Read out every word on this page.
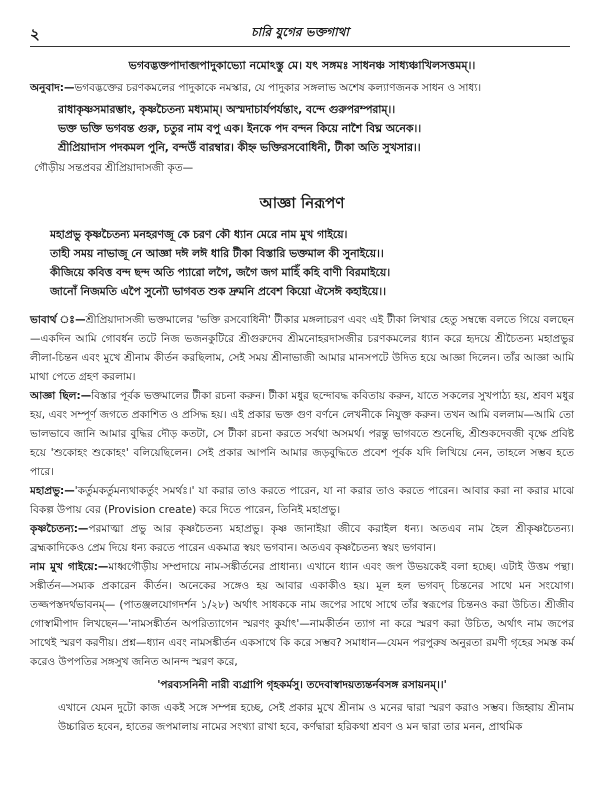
২	চারি যুগের ভক্তগাথা
ভগবদ্ভক্তপাদাব্জপাদুকাভ্যো নমোঽস্তু মে। যৎ সঙ্গমঃ সাধনঞ্চ সাধ্যঞ্চাখিলসত্তমম্।।

অনুবাদ:—ভগবদ্ভক্তের চরণকমলের পাদুকাকে নমস্কার, যে পাদুকার সঙ্গলাভ অশেষ কল্যাণজনক সাধন ও সাধ্য।

রাধাকৃষ্ণসমারম্ভাং, কৃষ্ণচৈতন্য মধ্যমাম্। অস্মদাচার্যপর্যন্তাং, বন্দে গুরুপরম্পরাম্।।

ভক্ত ভক্তি ভগবন্ত গুরু, চতুর নাম বপু এক। ইনকে পদ বন্দন কিয়ে নাশৈ বিঘ্ন অনেক।।

শ্রীপ্রিয়াদাস পদকমল পুনি, বন্দউঁ বারম্বার। কীহ্ন ভক্তিরসবোধিনী, টীকা অতি সুখসার।।

গৌড়ীয় সন্তপ্রবর শ্রীপ্রিয়াদাসজী কৃত—

আজ্ঞা নিরূপণ
মহাপ্রভু কৃষ্ণচৈতন্য মনহরণজূ কে চরণ কৌ ধ্যান মেরে নাম মুখ গাইয়ে।
তাহী সময় নাভাজূ নে আজ্ঞা দঈ লঈ ধারি টীকা বিস্তারি ভক্তমাল কী সুনাইয়ে।।
কীজিয়ে কবিত্ত বন্দ ছন্দ অতি প্যারো লগৈ, জগৈ জগ মাহিঁ কহি বাণী বিরমাইয়ে।
জানোঁ নিজমতি এপৈ সুন্যৌ ভাগবত শুক দ্রুমনি প্রবেশ কিয়ো ঐসেঈ কহাইয়ে।।

ভাবার্থ ঃ—শ্রীপ্রিয়াদাসজী ভক্তমালের 'ভক্তি রসবোধিনী' টীকার মঙ্গলাচরণ এবং এই টীকা লিখার হেতু সম্বন্ধে বলতে গিয়ে বলছেন—একদিন আমি গোবর্ধন তটে নিজ ভজনকুটিরে শ্রীগুরুদেব শ্রীমনোহরদাসজীর চরণকমলের ধ্যান করে হৃদয়ে শ্রীচৈতন্য মহাপ্রভুর লীলা-চিন্তন এবং মুখে শ্রীনাম কীর্তন করছিলাম, সেই সময় শ্রীনাভাজী আমার মানসপটে উদিত হয়ে আজ্ঞা দিলেন। তাঁর আজ্ঞা আমি মাথা পেতে গ্রহণ করলাম।

আজ্ঞা ছিল:—বিস্তার পূর্বক ভক্তমালের টীকা রচনা করুন। টীকা মধুর ছন্দোবদ্ধ কবিতায় করুন, যাতে সকলের সুখপাঠ্য হয়, শ্রবণ মধুর হয়, এবং সম্পূর্ণ জগতে প্রকাশিত ও প্রসিদ্ধ হয়। এই প্রকার ভক্ত গুণ বর্ণনে লেখনীকে নিযুক্ত করুন। তখন আমি বললাম—আমি তো ভালভাবে জানি আমার বুদ্ধির দৌড় কতটা, সে টীকা রচনা করতে সর্বথা অসমর্থ। পরন্তু ভাগবতে শুনেছি, শ্রীশুকদেবজী বৃক্ষে প্রবিষ্ট হয়ে 'শুকোহং শুকোহং' বলিয়েছিলেন। সেই প্রকার আপনি আমার জড়বুদ্ধিতে প্রবেশ পূর্বক যদি লিখিয়ে নেন, তাহলে সম্ভব হতে পারে।

মহাপ্রভু:—'কর্তুমকর্তুমন্যথাকর্তুং সমর্থঃ।' যা করার তাও করতে পারেন, যা না করার তাও করতে পারেন। আবার করা না করার মাঝে বিকল্প উপায় বের (Provision create) করে দিতে পারেন, তিনিই মহাপ্রভু।

কৃষ্ণচৈতন্য:—পরমাত্মা প্রভু আর কৃষ্ণচৈতন্য মহাপ্রভু। কৃষ্ণ জানাইয়া জীবে করাইল ধন্য। অতএব নাম হৈল শ্রীকৃষ্ণচৈতন্য। ব্রহ্মকাদিকেও প্রেম দিয়ে ধন্য করতে পারেন একমাত্র স্বয়ং ভগবান। অতএব কৃষ্ণচৈতন্য স্বয়ং ভগবান।

নাম মুখ গাইয়ে:—মাধ্বগৌড়ীয় সম্প্রদায়ে নাম-সঙ্কীর্তনের প্রাধান্য। এখানে ধ্যান এবং জপ উভয়কেই বলা হচ্ছে। এটাই উত্তম পন্থা। সঙ্কীর্তন—সম্যক প্রকারেন কীর্তন। অনেকের সঙ্গেও হয় আবার একাকীও হয়। মূল হল ভগবদ্ চিন্তনের সাথে মন সংযোগ। তজ্জপস্তদর্থভাবনম্— (পাতঞ্জলযোগদর্শন ১/২৮) অর্থাৎ সাধককে নাম জপের সাথে সাথে তাঁর স্বরূপের চিন্তনও করা উচিত। শ্রীজীব গোস্বামীপাদ লিখছেন—'নামসঙ্কীর্তন অপরিত্যাগেন স্মরণং কুর্যাৎ'—নামকীর্তন ত্যাগ না করে স্মরণ করা উচিত, অর্থাৎ নাম জপের সাথেই স্মরণ করণীয়। প্রশ্ন—ধ্যান এবং নামসঙ্কীর্তন একসাথে কি করে সম্ভব? সমাধান—যেমন পরপুরুষ অনুরতা রমণী গৃহের সমস্ত কর্ম করেও উপপতির সঙ্গসুখ জনিত আনন্দ স্মরণ করে,

'পরব্যসনিনী নারী ব্যগ্রাপি গৃহকর্মসু। তদেবাস্বাদয়ত্যন্তর্নবসঙ্গ রসায়নম্।।'

এখানে যেমন দুটো কাজ একই সঙ্গে সম্পন্ন হচ্ছে, সেই প্রকার মুখে শ্রীনাম ও মনের দ্বারা স্মরণ করাও সম্ভব। জিহ্বায় শ্রীনাম উচ্চারিত হবেন, হাতের জপমালায় নামের সংখ্যা রাখা হবে, কর্ণদ্বারা হরিকথা শ্রবণ ও মন দ্বারা তার মনন, প্রাথমিক
